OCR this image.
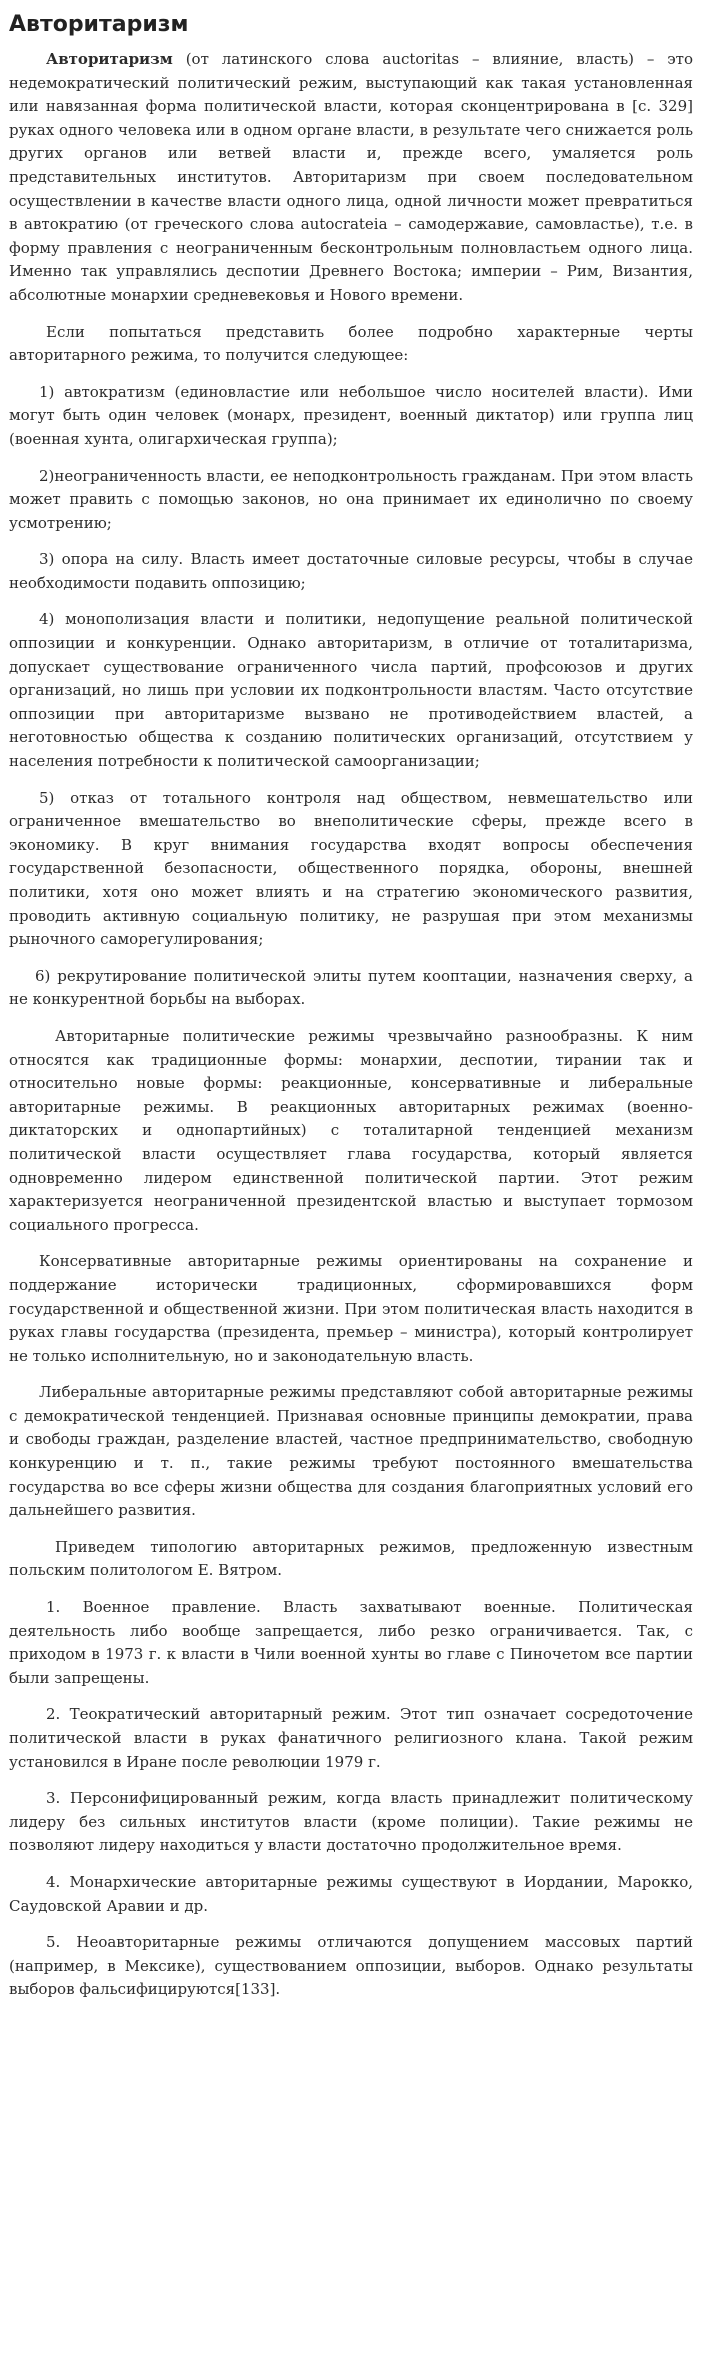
Авторитаризм

Авторитаризм (от латинского слова auctoritas – влияние, власть) – это недемократический политический режим, выступающий как такая установленная или навязанная форма политической власти, которая сконцентрирована в [с. 329] руках одного человека или в одном органе власти, в результате чего снижается роль других органов или ветвей власти и, прежде всего, умаляется роль представительных институтов. Авторитаризм при своем последовательном осуществлении в качестве власти одного лица, одной личности может превратиться в автократию (от греческого слова autocrateia – самодержавие, самовластье), т.е. в форму правления с неограниченным бесконтрольным полновластьем одного лица. Именно так управлялись деспотии Древнего Востока; империи – Рим, Византия, абсолютные монархии средневековья и Нового времени.

Если попытаться представить более подробно характерные черты авторитарного режима, то получится следующее:

1) автократизм (единовластие или небольшое число носителей власти). Ими могут быть один человек (монарх, президент, военный диктатор) или группа лиц (военная хунта, олигархическая группа);

2)неограниченность власти, ее неподконтрольность гражданам. При этом власть может править с помощью законов, но она принимает их единолично по своему усмотрению;

3) опора на силу. Власть имеет достаточные силовые ресурсы, чтобы в случае необходимости подавить оппозицию;

4) монополизация власти и политики, недопущение реальной политической оппозиции и конкуренции. Однако авторитаризм, в отличие от тоталитаризма, допускает существование ограниченного числа партий, профсоюзов и других организаций, но лишь при условии их подконтрольности властям. Часто отсутствие оппозиции при авторитаризме вызвано не противодействием властей, а неготовностью общества к созданию политических организаций, отсутствием у населения потребности к политической самоорганизации;

5) отказ от тотального контроля над обществом, невмешательство или ограниченное вмешательство во внеполитические сферы, прежде всего в экономику. В круг внимания государства входят вопросы обеспечения государственной безопасности, общественного порядка, обороны, внешней политики, хотя оно может влиять и на стратегию экономического развития, проводить активную социальную политику, не разрушая при этом механизмы рыночного саморегулирования;

6) рекрутирование политической элиты путем кооптации, назначения сверху, а не конкурентной борьбы на выборах.

Авторитарные политические режимы чрезвычайно разнообразны. К ним относятся как традиционные формы: монархии, деспотии, тирании так и относительно новые формы: реакционные, консервативные и либеральные авторитарные режимы. В реакционных авторитарных режимах (военно-диктаторских и однопартийных) с тоталитарной тенденцией механизм политической власти осуществляет глава государства, который является одновременно лидером единственной политической партии. Этот режим характеризуется неограниченной президентской властью и выступает тормозом социального прогресса.

Консервативные авторитарные режимы ориентированы на сохранение и поддержание исторически традиционных, сформировавшихся форм государственной и общественной жизни. При этом политическая власть находится в руках главы государства (президента, премьер – министра), который контролирует не только исполнительную, но и законодательную власть.

Либеральные авторитарные режимы представляют собой авторитарные режимы с демократической тенденцией. Признавая основные принципы демократии, права и свободы граждан, разделение властей, частное предпринимательство, свободную конкуренцию и т. п., такие режимы требуют постоянного вмешательства государства во все сферы жизни общества для создания благоприятных условий его дальнейшего развития.

Приведем типологию авторитарных режимов, предложенную известным польским политологом Е. Вятром.

1. Военное правление. Власть захватывают военные. Политическая деятельность либо вообще запрещается, либо резко ограничивается. Так, с приходом в 1973 г. к власти в Чили военной хунты во главе с Пиночетом все партии были запрещены.

2. Теократический авторитарный режим. Этот тип означает сосредоточение политической власти в руках фанатичного религиозного клана. Такой режим установился в Иране после революции 1979 г.

3. Персонифицированный режим, когда власть принадлежит политическому лидеру без сильных институтов власти (кроме полиции). Такие режимы не позволяют лидеру находиться у власти достаточно продолжительное время.

4. Монархические авторитарные режимы существуют в Иордании, Марокко, Саудовской Аравии и др.

5. Неоавторитарные режимы отличаются допущением массовых партий (например, в Мексике), существованием оппозиции, выборов. Однако результаты выборов фальсифицируются[133].
